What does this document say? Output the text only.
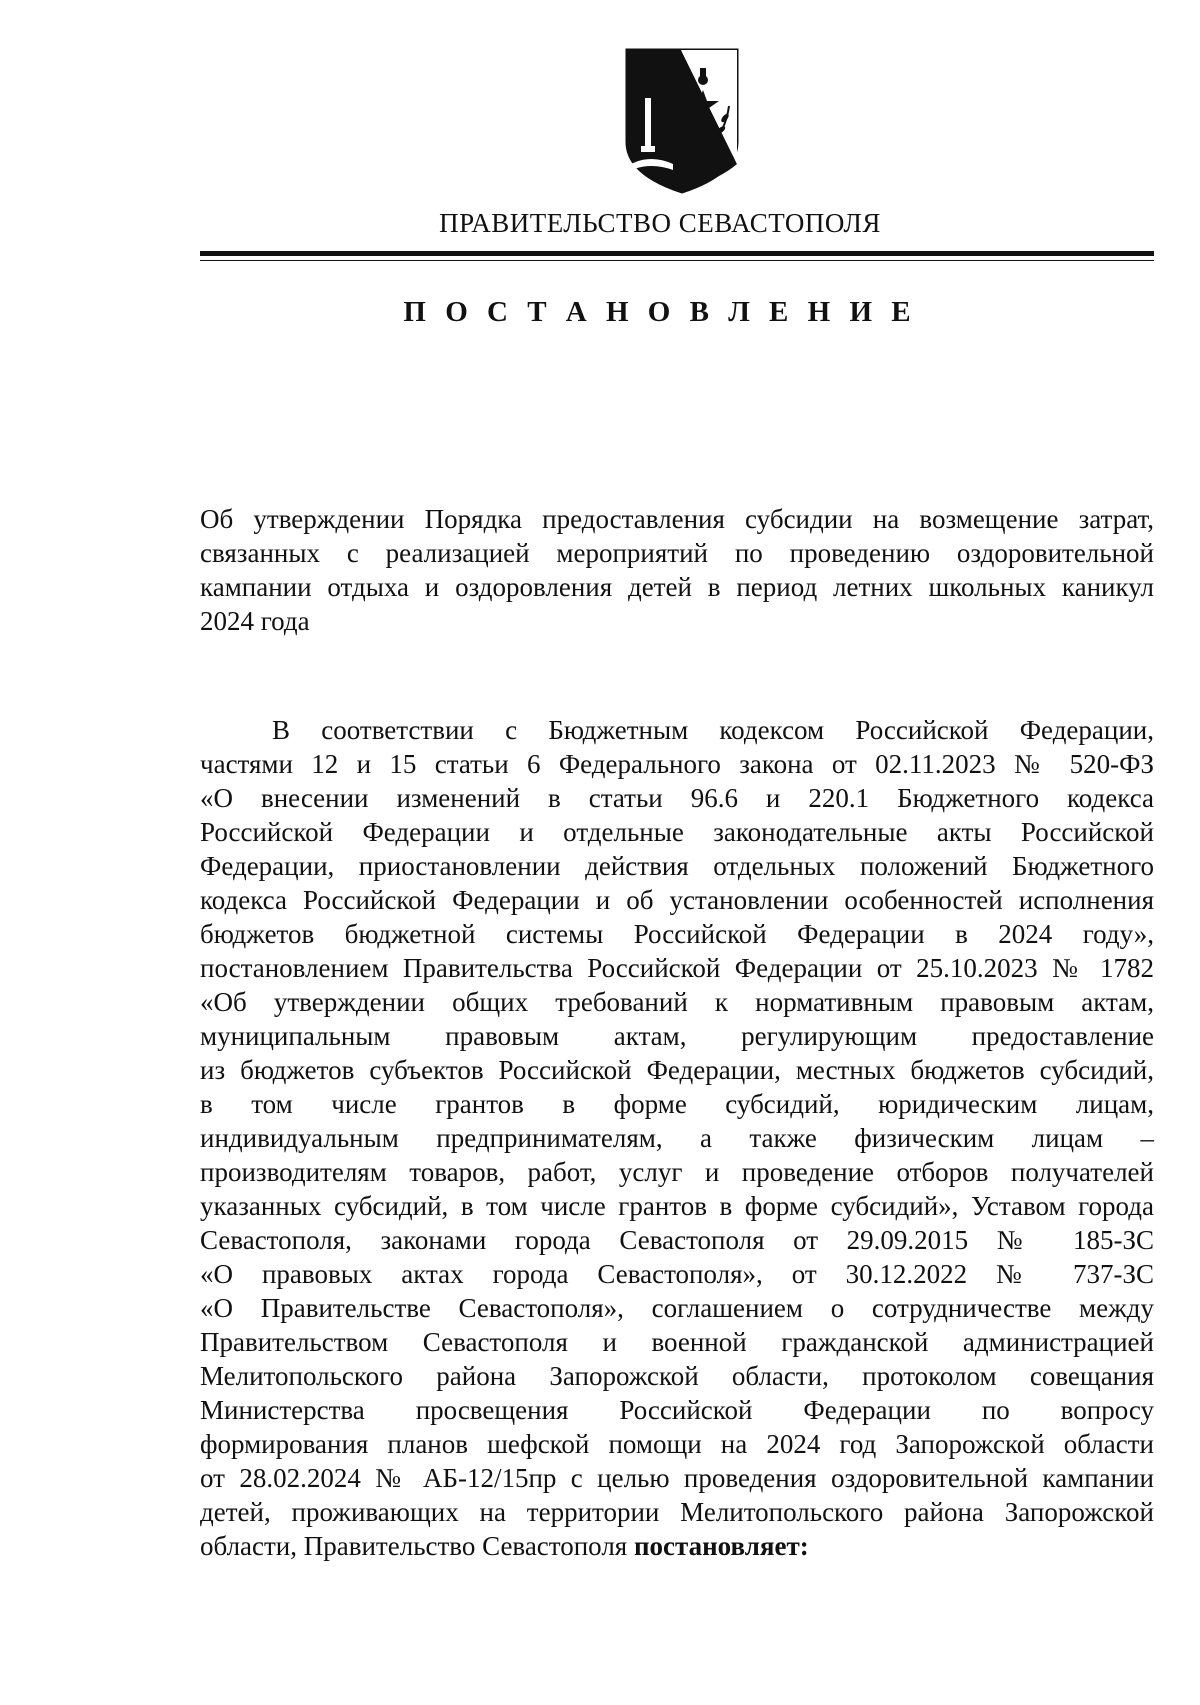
ПРАВИТЕЛЬСТВО СЕВАСТОПОЛЯ
П О С Т А Н О В Л Е Н И Е
Об утверждении Порядка предоставления субсидии на возмещение затрат,
связанных с реализацией мероприятий по проведению оздоровительной
кампании отдыха и оздоровления детей в период летних школьных каникул
2024 года
В соответствии с Бюджетным кодексом Российской Федерации,
частями 12 и 15 статьи 6 Федерального закона от 02.11.2023 № 520-ФЗ
«О внесении изменений в статьи 96.6 и 220.1 Бюджетного кодекса
Российской Федерации и отдельные законодательные акты Российской
Федерации, приостановлении действия отдельных положений Бюджетного
кодекса Российской Федерации и об установлении особенностей исполнения
бюджетов бюджетной системы Российской Федерации в 2024 году»,
постановлением Правительства Российской Федерации от 25.10.2023 № 1782
«Об утверждении общих требований к нормативным правовым актам,
муниципальным правовым актам, регулирующим предоставление
из бюджетов субъектов Российской Федерации, местных бюджетов субсидий,
в том числе грантов в форме субсидий, юридическим лицам,
индивидуальным предпринимателям, а также физическим лицам –
производителям товаров, работ, услуг и проведение отборов получателей
указанных субсидий, в том числе грантов в форме субсидий», Уставом города
Севастополя, законами города Севастополя от 29.09.2015 № 185-ЗС
«О правовых актах города Севастополя», от 30.12.2022 № 737-ЗС
«О Правительстве Севастополя», соглашением о сотрудничестве между
Правительством Севастополя и военной гражданской администрацией
Мелитопольского района Запорожской области, протоколом совещания
Министерства просвещения Российской Федерации по вопросу
формирования планов шефской помощи на 2024 год Запорожской области
от 28.02.2024 № АБ-12/15пр с целью проведения оздоровительной кампании
детей, проживающих на территории Мелитопольского района Запорожской
области, Правительство Севастополя постановляет:
